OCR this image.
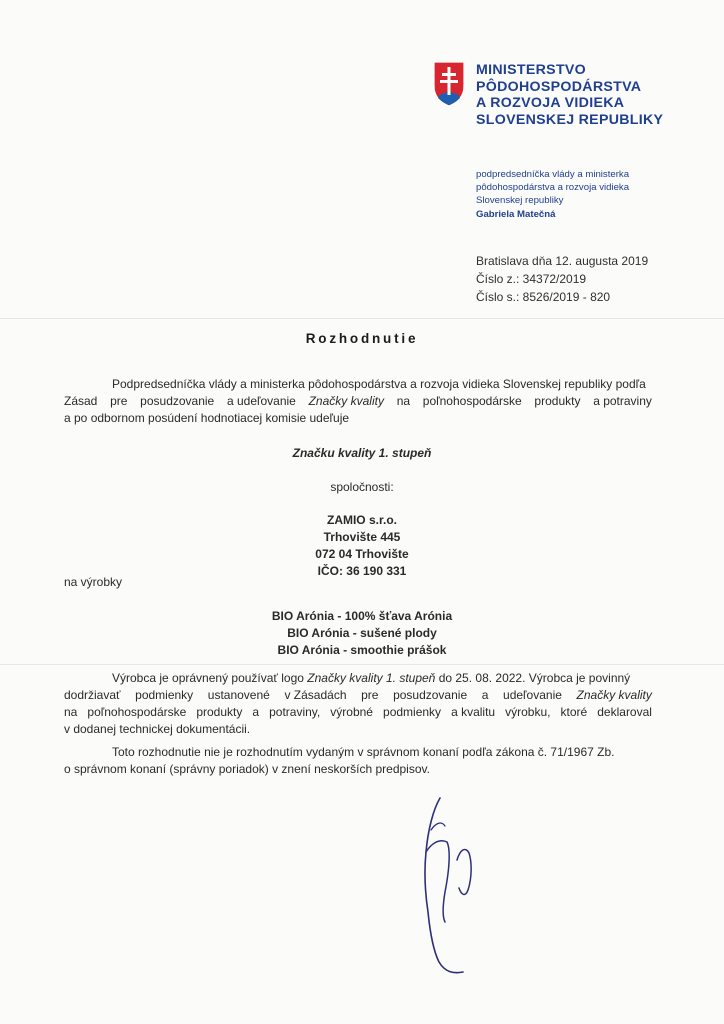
MINISTERSTVO
PÔDOHOSPODÁRSTVA
A ROZVOJA VIDIEKA
SLOVENSKEJ REPUBLIKY
podpredsedníčka vlády a ministerka
pôdohospodárstva a rozvoja vidieka
Slovenskej republiky
Gabriela Matečná
Bratislava dňa 12. augusta 2019
Číslo z.: 34372/2019
Číslo s.: 8526/2019 - 820
Rozhodnutie
Podpredsedníčka vlády a ministerka pôdohospodárstva a rozvoja vidieka Slovenskej republiky podľa
Zásad pre posudzovanie a udeľovanie Značky kvality na poľnohospodárske produkty a potraviny
a po odbornom posúdení hodnotiacej komisie udeľuje
Značku kvality 1. stupeň
spoločnosti:
ZAMIO s.r.o.
Trhovište 445
072 04 Trhovište
IČO: 36 190 331
na výrobky
BIO Arónia - 100% šťava Arónia
BIO Arónia - sušené plody
BIO Arónia - smoothie prášok
Výrobca je oprávnený používať logo Značky kvality 1. stupeň do 25. 08. 2022. Výrobca je povinný
dodržiavať podmienky ustanovené v Zásadách pre posudzovanie a udeľovanie Značky kvality
na poľnohospodárske produkty a potraviny, výrobné podmienky a kvalitu výrobku, ktoré deklaroval
v dodanej technickej dokumentácii.
Toto rozhodnutie nie je rozhodnutím vydaným v správnom konaní podľa zákona č. 71/1967 Zb.
o správnom konaní (správny poriadok) v znení neskorších predpisov.
